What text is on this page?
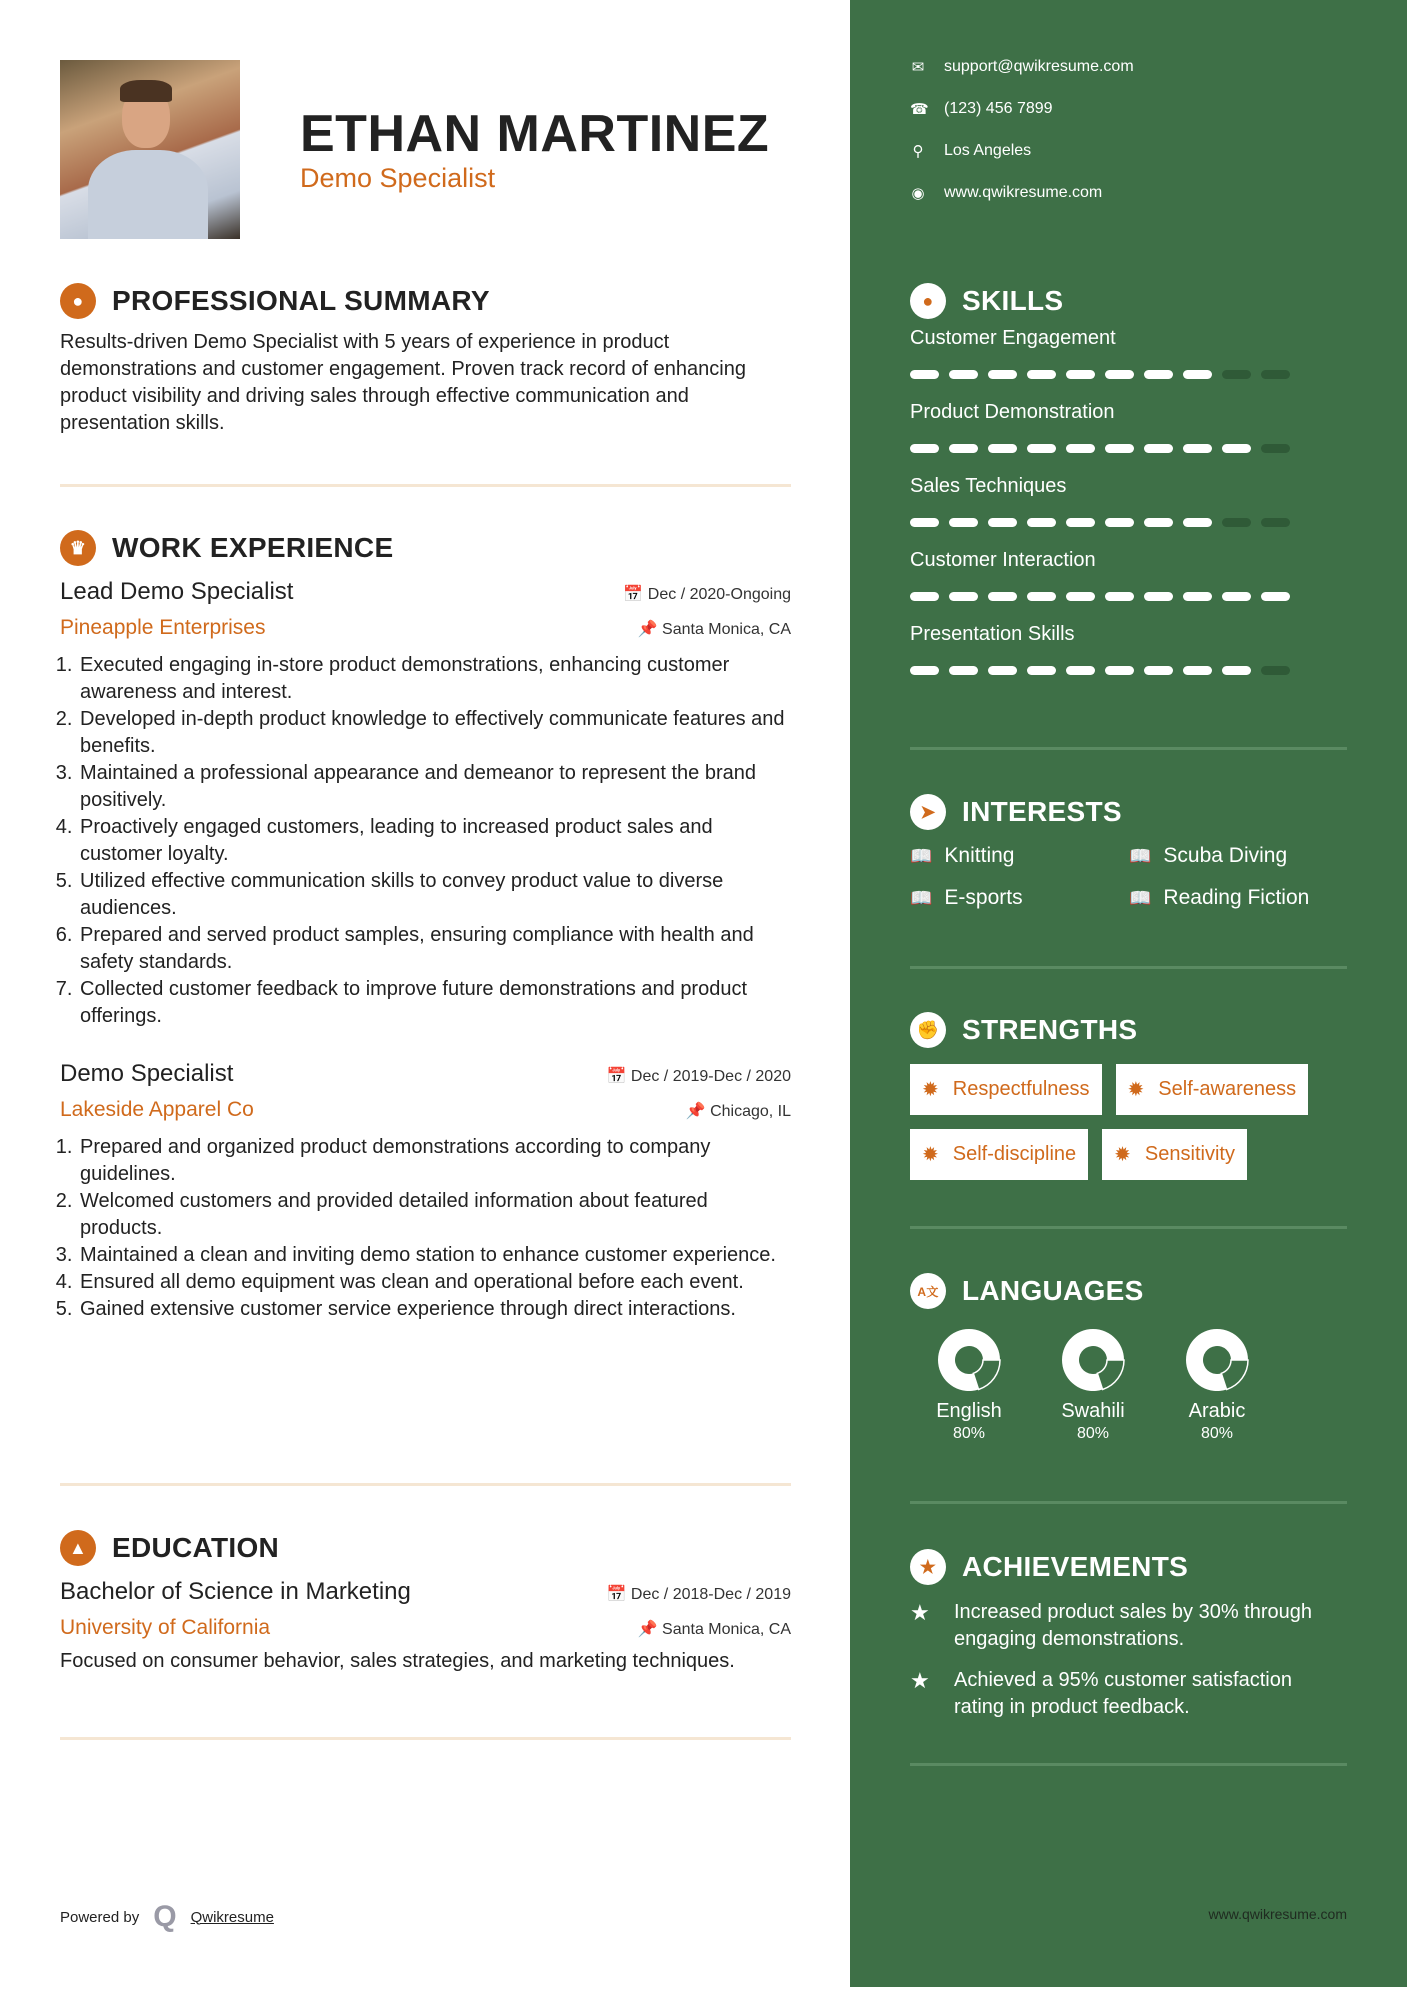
ETHAN MARTINEZ
Demo Specialist
●	PROFESSIONAL SUMMARY

Results-driven Demo Specialist with 5 years of experience in product demonstrations and customer engagement. Proven track record of enhancing product visibility and driving sales through effective communication and presentation skills.

♛ WORK EXPERIENCE
Lead Demo Specialist	📅 Dec / 2020-Ongoing
Pineapple Enterprises	📌 Santa Monica, CA
1. Executed engaging in-store product demonstrations, enhancing customer awareness and interest.
2. Developed in-depth product knowledge to effectively communicate features and benefits.
3. Maintained a professional appearance and demeanor to represent the brand positively.
4. Proactively engaged customers, leading to increased product sales and customer loyalty.
5. Utilized effective communication skills to convey product value to diverse audiences.
6. Prepared and served product samples, ensuring compliance with health and safety standards.
7. Collected customer feedback to improve future demonstrations and product offerings.
Demo Specialist	📅 Dec / 2019-Dec / 2020
Lakeside Apparel Co	📌 Chicago, IL
1. Prepared and organized product demonstrations according to company guidelines.
2. Welcomed customers and provided detailed information about featured products.
3. Maintained a clean and inviting demo station to enhance customer experience.
4. Ensured all demo equipment was clean and operational before each event.
5. Gained extensive customer service experience through direct interactions.
▲ EDUCATION
Bachelor of Science in Marketing	📅 Dec / 2018-Dec / 2019
University of California	📌 Santa Monica, CA

Focused on consumer behavior, sales strategies, and marketing techniques.

Powered by Q Qwikresume
✉ support@qwikresume.com
☎ (123) 456 7899
⚲ Los Angeles
◉ www.qwikresume.com
●	SKILLS
Customer Engagement
Product Demonstration
Sales Techniques
Customer Interaction
Presentation Skills
➤ INTERESTS
📖 Knitting	📖 Scuba Diving
📖 E-sports	📖 Reading Fiction
✊ STRENGTHS
✹ Respectfulness ✹ Self-awareness
✹ Self-discipline ✹ Sensitivity
A文 LANGUAGES
English
80%
Swahili
80%
Arabic
80%
★ ACHIEVEMENTS
★	Increased product sales by 30% through engaging demonstrations.
★	Achieved a 95% customer satisfaction rating in product feedback.
www.qwikresume.com
